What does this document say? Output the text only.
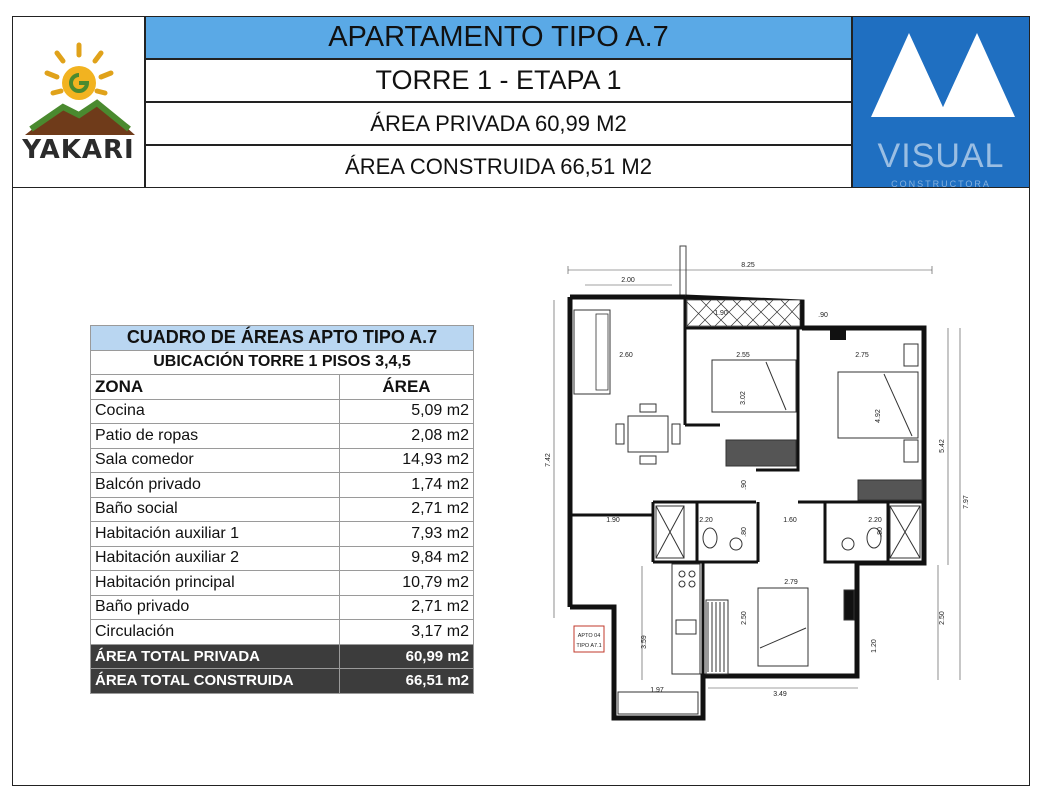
YAKARI
APARTAMENTO TIPO A.7
TORRE 1 - ETAPA 1
ÁREA PRIVADA 60,99 M2
ÁREA CONSTRUIDA 66,51 M2	VISUAL
CONSTRUCTORA
CUADRO DE ÁREAS APTO TIPO A.7	
UBICACIÓN TORRE 1 PISOS 3,4,5	
ZONA	ÁREA
Cocina	5,09 m2
Patio de ropas	2,08 m2
Sala comedor	14,93 m2
Balcón privado	1,74 m2
Baño social	2,71 m2
Habitación auxiliar 1	7,93 m2
Habitación auxiliar 2	9,84 m2
Habitación principal	10,79 m2
Baño privado	2,71 m2
Circulación	3,17 m2
ÁREA TOTAL PRIVADA	60,99 m2
ÁREA TOTAL CONSTRUIDA	66,51 m2
APTO 04
TIPO A7.1
8.25
2.00
1.90	.90
2.60	2.55
3.02
2.75
4.92
7.42
5.42
7.97
2.50
.90
1.90	2.20
.80
1.60	2.20
.80
2.79
2.50
3.59	1.20
1.97
3.49
